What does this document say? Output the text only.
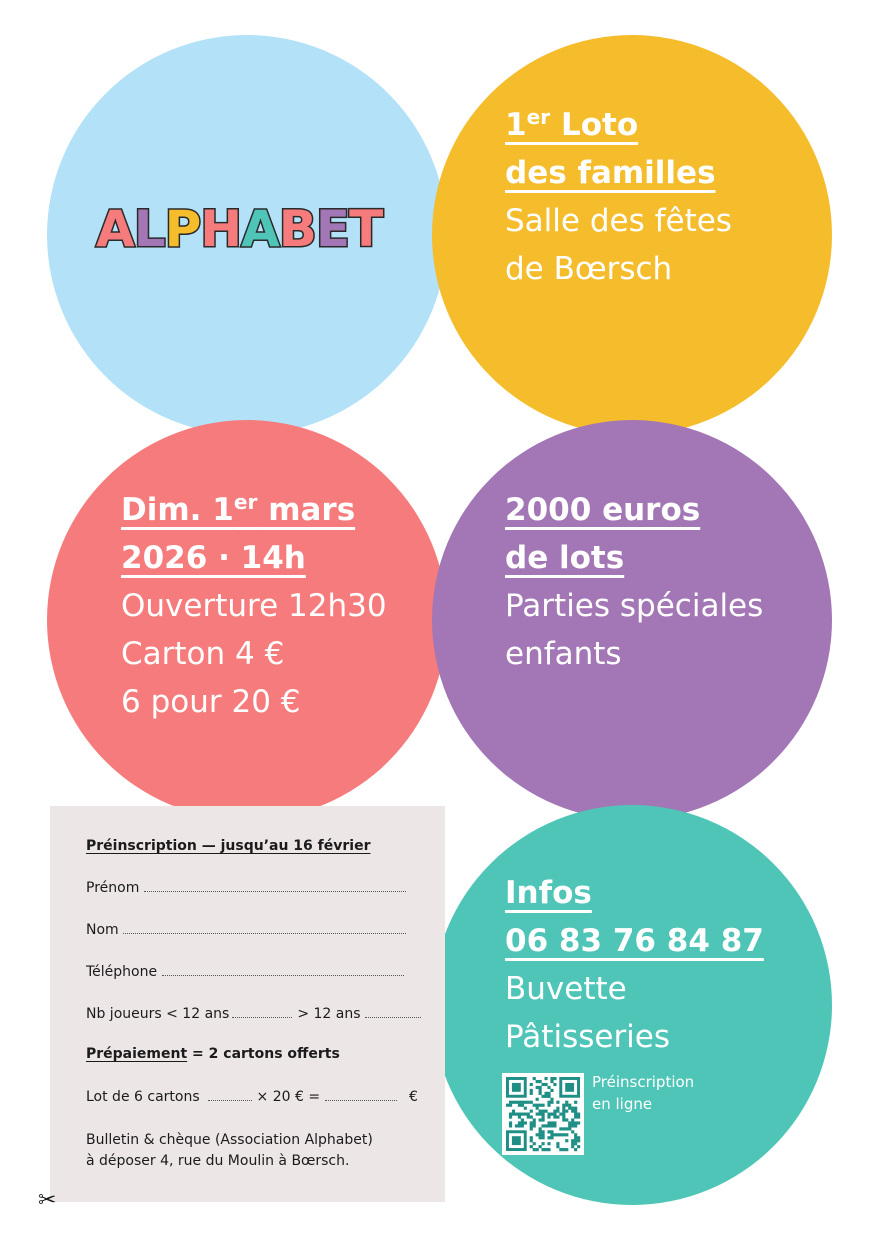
A L P H A B E T
1er Loto
des familles
Salle des fêtes
de Bœrsch
Dim. 1er mars
2026 · 14h
Ouverture 12h30
Carton 4 €
6 pour 20 €
2000 euros
de lots
Parties spéciales
enfants
Infos
06 83 76 84 87
Buvette
Pâtisseries
Préinscription
en ligne
Préinscription — jusqu’au 16 février
Prénom
Nom
Téléphone
Nb joueurs < 12 ans	> 12 ans
Prépaiement = 2 cartons offerts
Lot de 6 cartons	× 20 € =	€
Bulletin & chèque (Association Alphabet)
à déposer 4, rue du Moulin à Bœrsch.
✂
